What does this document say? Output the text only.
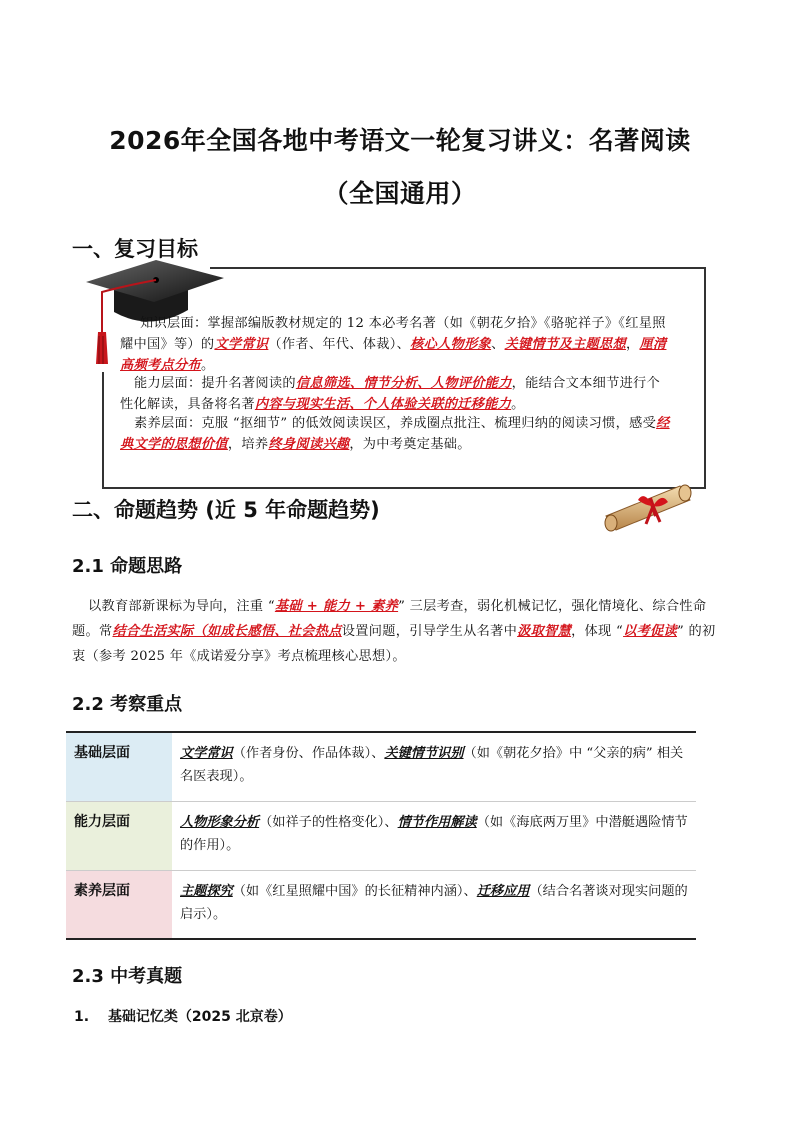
2026年全国各地中考语文一轮复习讲义：名著阅读
（全国通用）
一、复习目标
知识层面：掌握部编版教材规定的 12 本必考名著（如《朝花夕拾》《骆驼祥子》《红星照耀中国》等）的文学常识（作者、年代、体裁）、核心人物形象、关键情节及主题思想，厘清高频考点分布。
能力层面：提升名著阅读的信息筛选、情节分析、人物评价能力，能结合文本细节进行个性化解读，具备将名著内容与现实生活、个人体验关联的迁移能力。
素养层面：克服 “抠细节” 的低效阅读误区，养成圈点批注、梳理归纳的阅读习惯，感受经典文学的思想价值，培养终身阅读兴趣，为中考奠定基础。
二、命题趋势 (近 5 年命题趋势)
2.1 命题思路
以教育部新课标为导向，注重 “基础 + 能力 + 素养” 三层考查，弱化机械记忆，强化情境化、综合性命题。常结合生活实际（如成长感悟、社会热点设置问题，引导学生从名著中汲取智慧，体现 “以考促读” 的初衷（参考 2025 年《成诺爱分享》考点梳理核心思想）。
2.2 考察重点
基础层面	文学常识（作者身份、作品体裁）、关键情节识别（如《朝花夕拾》中 “父亲的病” 相关名医表现）。
能力层面	人物形象分析（如祥子的性格变化）、情节作用解读（如《海底两万里》中潜艇遇险情节的作用）。
素养层面	主题探究（如《红星照耀中国》的长征精神内涵）、迁移应用（结合名著谈对现实问题的启示）。
2.3 中考真题
1. 基础记忆类（2025 北京卷）
